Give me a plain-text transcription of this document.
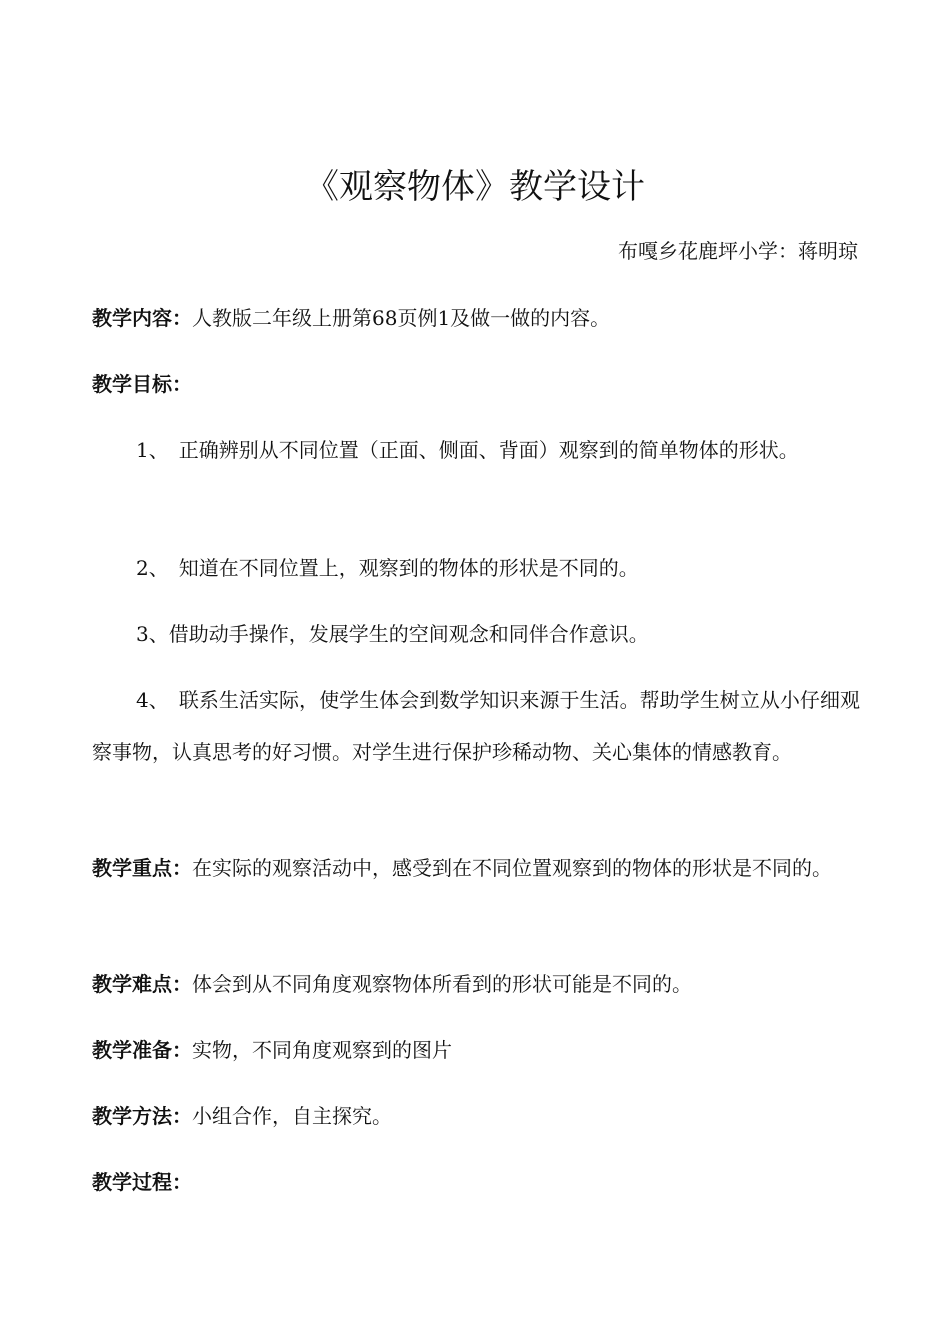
《观察物体》教学设计
布嘎乡花鹿坪小学：蒋明琼

教学内容：人教版二年级上册第68页例1及做一做的内容。

教学目标：

1、　正确辨别从不同位置（正面、侧面、背面）观察到的简单物体的形状。

2、　知道在不同位置上，观察到的物体的形状是不同的。

3、借助动手操作，发展学生的空间观念和同伴合作意识。

4、　联系生活实际，使学生体会到数学知识来源于生活。帮助学生树立从小仔细观察事物，认真思考的好习惯。对学生进行保护珍稀动物、关心集体的情感教育。

教学重点：在实际的观察活动中，感受到在不同位置观察到的物体的形状是不同的。

教学难点：体会到从不同角度观察物体所看到的形状可能是不同的。

教学准备：实物，不同角度观察到的图片

教学方法：小组合作，自主探究。

教学过程：
